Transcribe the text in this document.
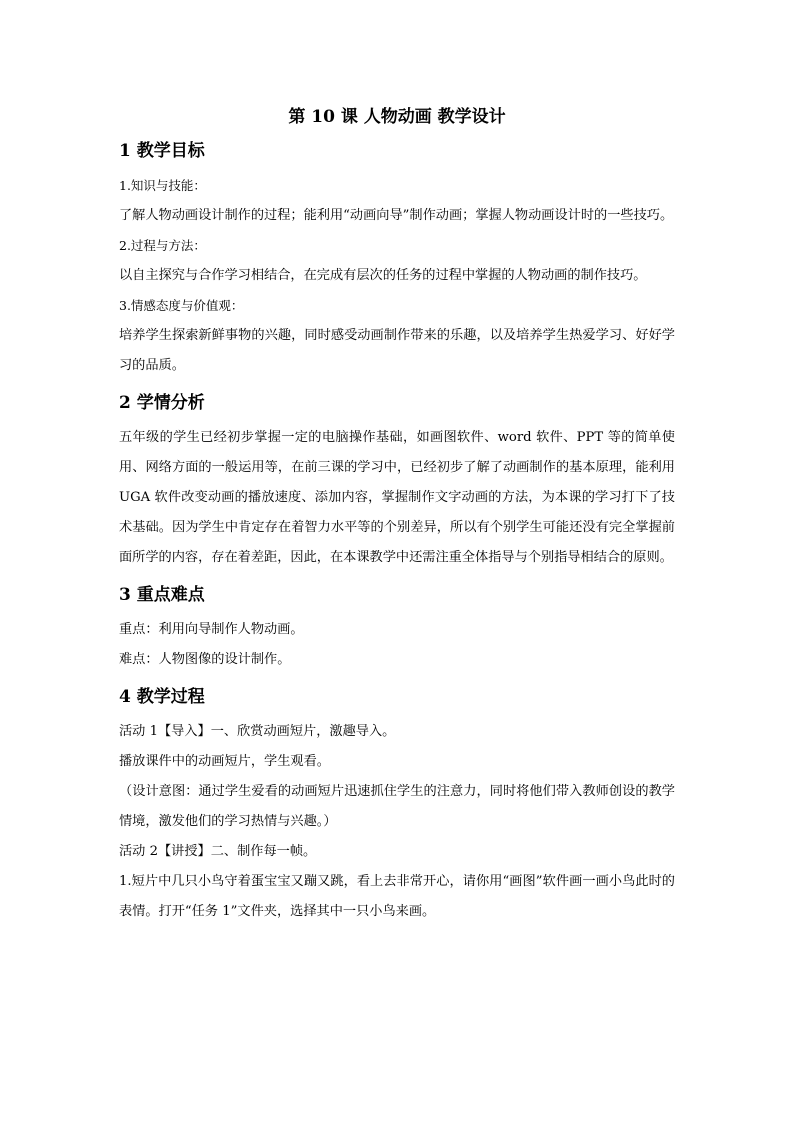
第 10 课 人物动画 教学设计
1 教学目标

1.知识与技能：

了解人物动画设计制作的过程；能利用“动画向导”制作动画；掌握人物动画设计时的一些技巧。

2.过程与方法：

以自主探究与合作学习相结合，在完成有层次的任务的过程中掌握的人物动画的制作技巧。

3.情感态度与价值观：

培养学生探索新鲜事物的兴趣，同时感受动画制作带来的乐趣，以及培养学生热爱学习、好好学习的品质。

2 学情分析

五年级的学生已经初步掌握一定的电脑操作基础，如画图软件、word 软件、PPT 等的简单使用、网络方面的一般运用等，在前三课的学习中，已经初步了解了动画制作的基本原理，能利用 UGA 软件改变动画的播放速度、添加内容，掌握制作文字动画的方法，为本课的学习打下了技术基础。因为学生中肯定存在着智力水平等的个别差异，所以有个别学生可能还没有完全掌握前面所学的内容，存在着差距，因此，在本课教学中还需注重全体指导与个别指导相结合的原则。

3 重点难点

重点：利用向导制作人物动画。

难点：人物图像的设计制作。

4 教学过程

活动 1【导入】一、欣赏动画短片，激趣导入。

播放课件中的动画短片，学生观看。

（设计意图：通过学生爱看的动画短片迅速抓住学生的注意力，同时将他们带入教师创设的教学情境，激发他们的学习热情与兴趣。）

活动 2【讲授】二、制作每一帧。

1.短片中几只小鸟守着蛋宝宝又蹦又跳，看上去非常开心，请你用“画图”软件画一画小鸟此时的表情。打开“任务 1”文件夹，选择其中一只小鸟来画。
